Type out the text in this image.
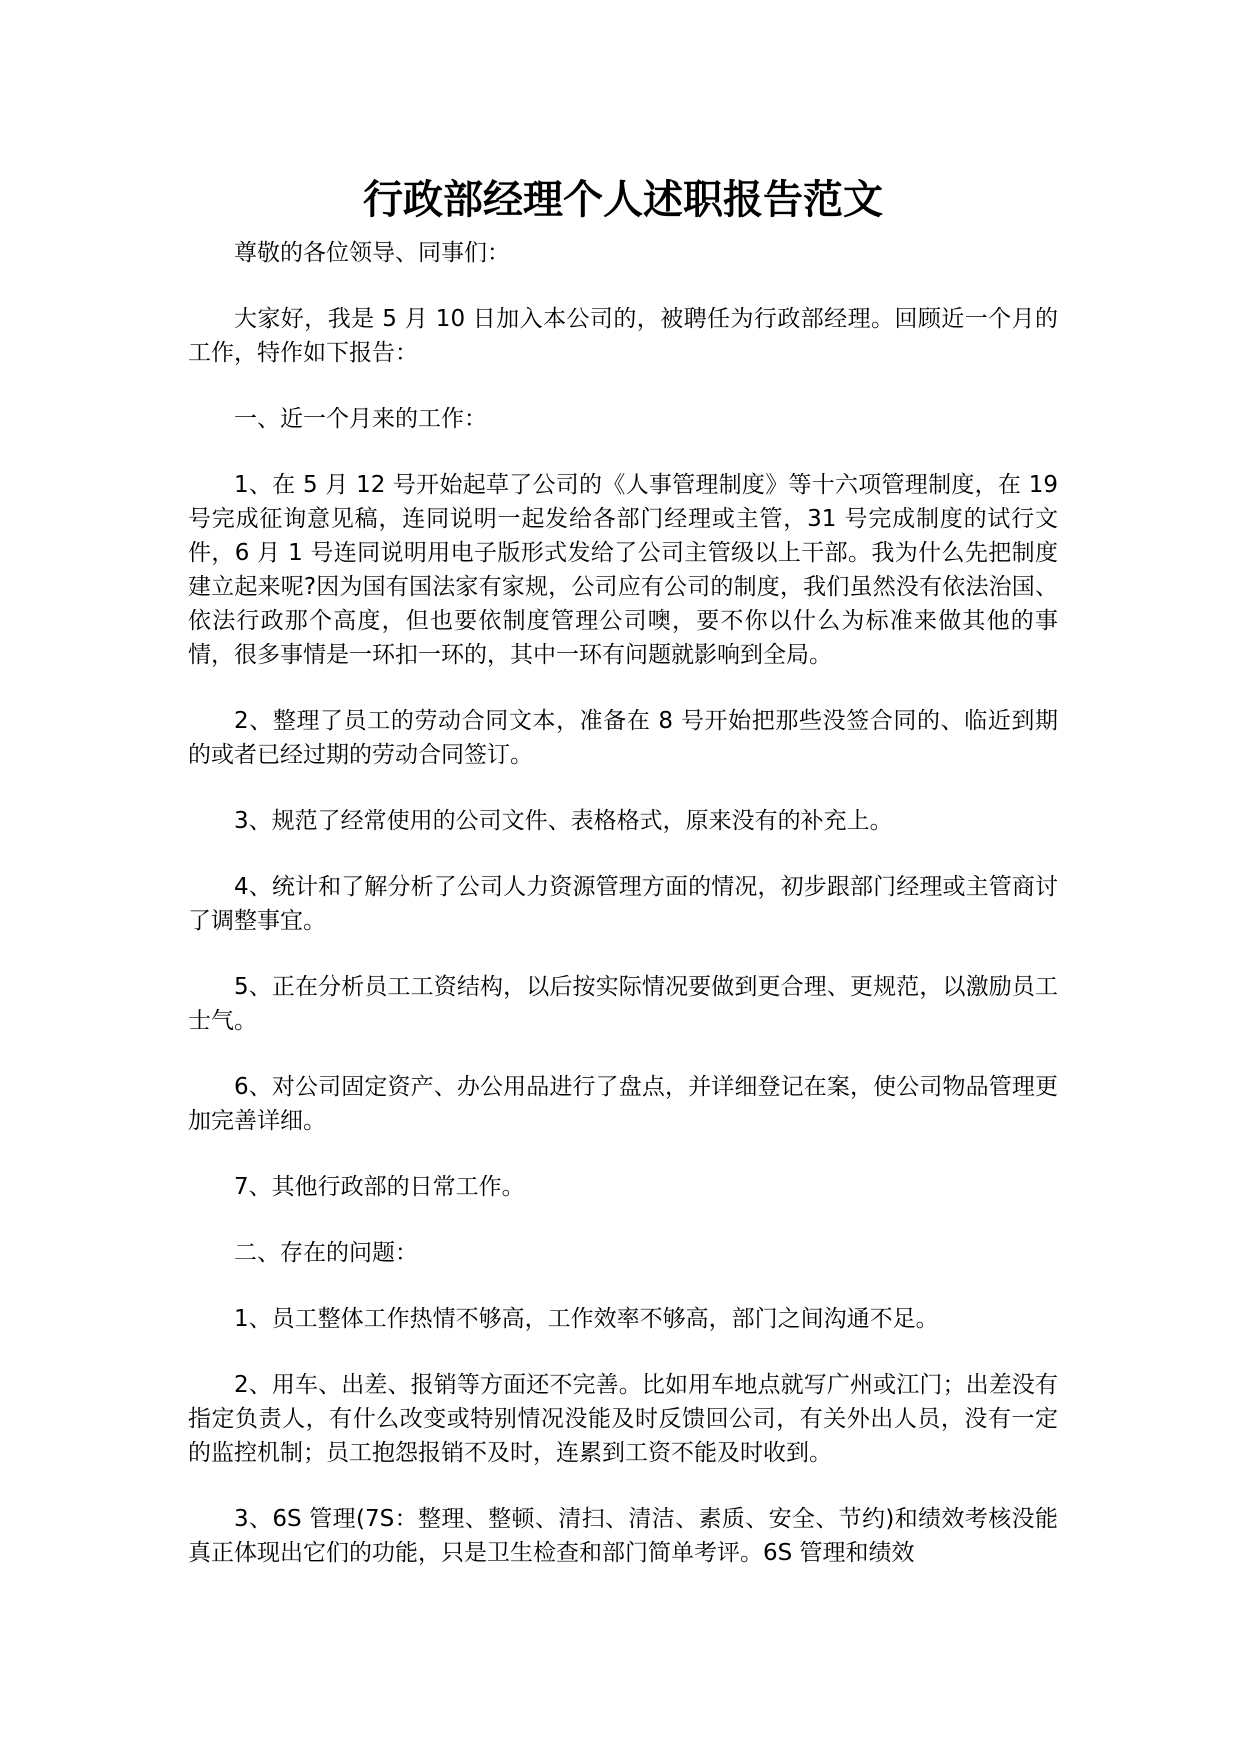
行政部经理个人述职报告范文

尊敬的各位领导、同事们：

大家好，我是 5 月 10 日加入本公司的，被聘任为行政部经理。回顾近一个月的工作，特作如下报告：

一、近一个月来的工作：

1、在 5 月 12 号开始起草了公司的《人事管理制度》等十六项管理制度，在 19 号完成征询意见稿，连同说明一起发给各部门经理或主管，31 号完成制度的试行文件，6 月 1 号连同说明用电子版形式发给了公司主管级以上干部。我为什么先把制度建立起来呢?因为国有国法家有家规，公司应有公司的制度，我们虽然没有依法治国、依法行政那个高度，但也要依制度管理公司噢，要不你以什么为标准来做其他的事情，很多事情是一环扣一环的，其中一环有问题就影响到全局。

2、整理了员工的劳动合同文本，准备在 8 号开始把那些没签合同的、临近到期的或者已经过期的劳动合同签订。

3、规范了经常使用的公司文件、表格格式，原来没有的补充上。

4、统计和了解分析了公司人力资源管理方面的情况，初步跟部门经理或主管商讨了调整事宜。

5、正在分析员工工资结构，以后按实际情况要做到更合理、更规范，以激励员工士气。

6、对公司固定资产、办公用品进行了盘点，并详细登记在案，使公司物品管理更加完善详细。

7、其他行政部的日常工作。

二、存在的问题：

1、员工整体工作热情不够高，工作效率不够高，部门之间沟通不足。

2、用车、出差、报销等方面还不完善。比如用车地点就写广州或江门；出差没有指定负责人，有什么改变或特别情况没能及时反馈回公司，有关外出人员，没有一定的监控机制；员工抱怨报销不及时，连累到工资不能及时收到。

3、6S 管理(7S：整理、整顿、清扫、清洁、素质、安全、节约)和绩效考核没能真正体现出它们的功能，只是卫生检查和部门简单考评。6S 管理和绩效
